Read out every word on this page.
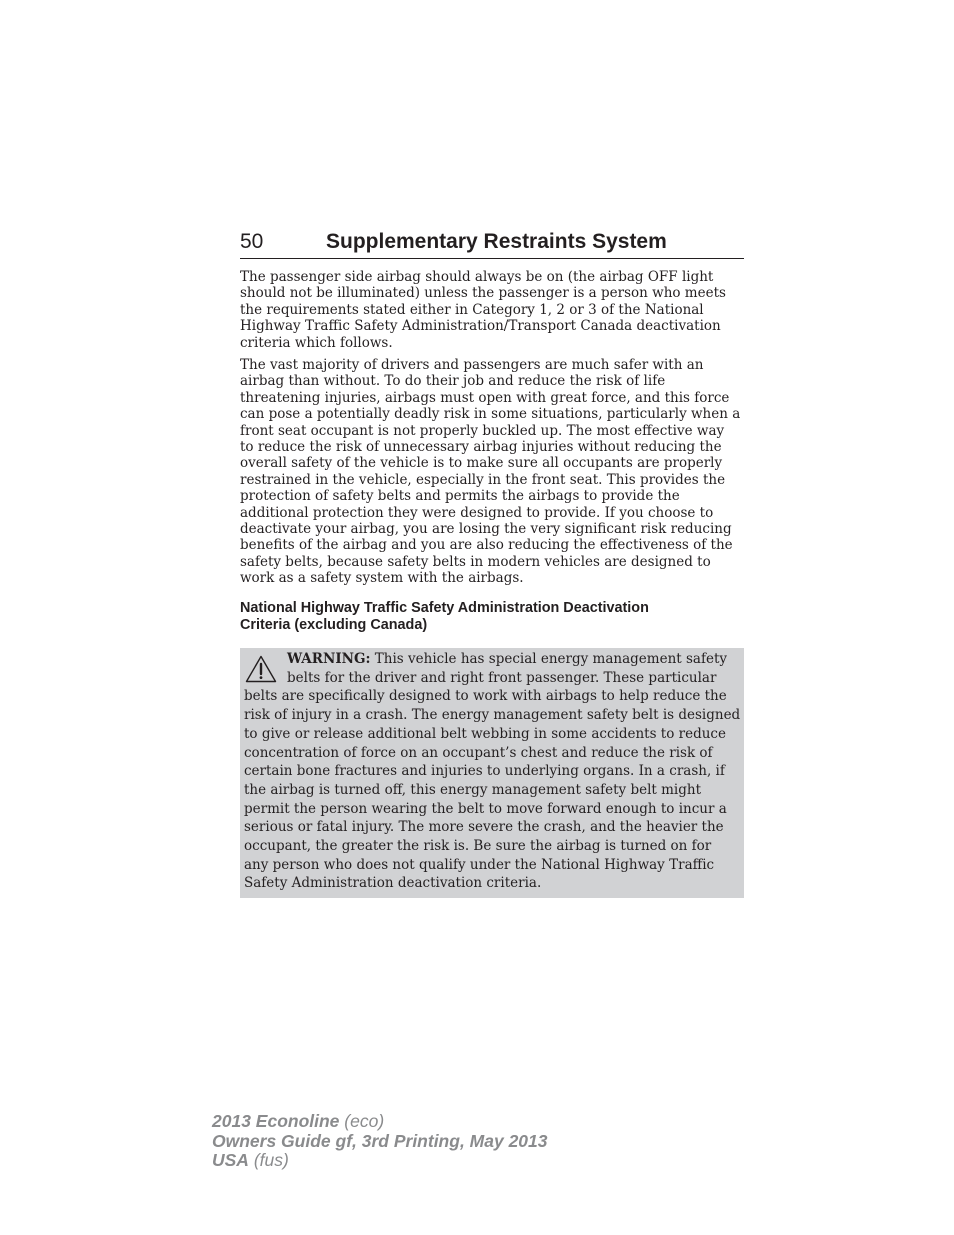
50	Supplementary Restraints System

The passenger side airbag should always be on (the airbag OFF light
should not be illuminated) unless the passenger is a person who meets
the requirements stated either in Category 1, 2 or 3 of the National
Highway Traffic Safety Administration/Transport Canada deactivation
criteria which follows.

The vast majority of drivers and passengers are much safer with an
airbag than without. To do their job and reduce the risk of life
threatening injuries, airbags must open with great force, and this force
can pose a potentially deadly risk in some situations, particularly when a
front seat occupant is not properly buckled up. The most effective way
to reduce the risk of unnecessary airbag injuries without reducing the
overall safety of the vehicle is to make sure all occupants are properly
restrained in the vehicle, especially in the front seat. This provides the
protection of safety belts and permits the airbags to provide the
additional protection they were designed to provide. If you choose to
deactivate your airbag, you are losing the very significant risk reducing
benefits of the airbag and you are also reducing the effectiveness of the
safety belts, because safety belts in modern vehicles are designed to
work as a safety system with the airbags.

National Highway Traffic Safety Administration Deactivation
Criteria (excluding Canada)
WARNING: This vehicle has special energy management safety
belts for the driver and right front passenger. These particular
belts are specifically designed to work with airbags to help reduce the
risk of injury in a crash. The energy management safety belt is designed
to give or release additional belt webbing in some accidents to reduce
concentration of force on an occupant’s chest and reduce the risk of
certain bone fractures and injuries to underlying organs. In a crash, if
the airbag is turned off, this energy management safety belt might
permit the person wearing the belt to move forward enough to incur a
serious or fatal injury. The more severe the crash, and the heavier the
occupant, the greater the risk is. Be sure the airbag is turned on for
any person who does not qualify under the National Highway Traffic
Safety Administration deactivation criteria.
2013 Econoline (eco)
Owners Guide gf, 3rd Printing, May 2013
USA (fus)
